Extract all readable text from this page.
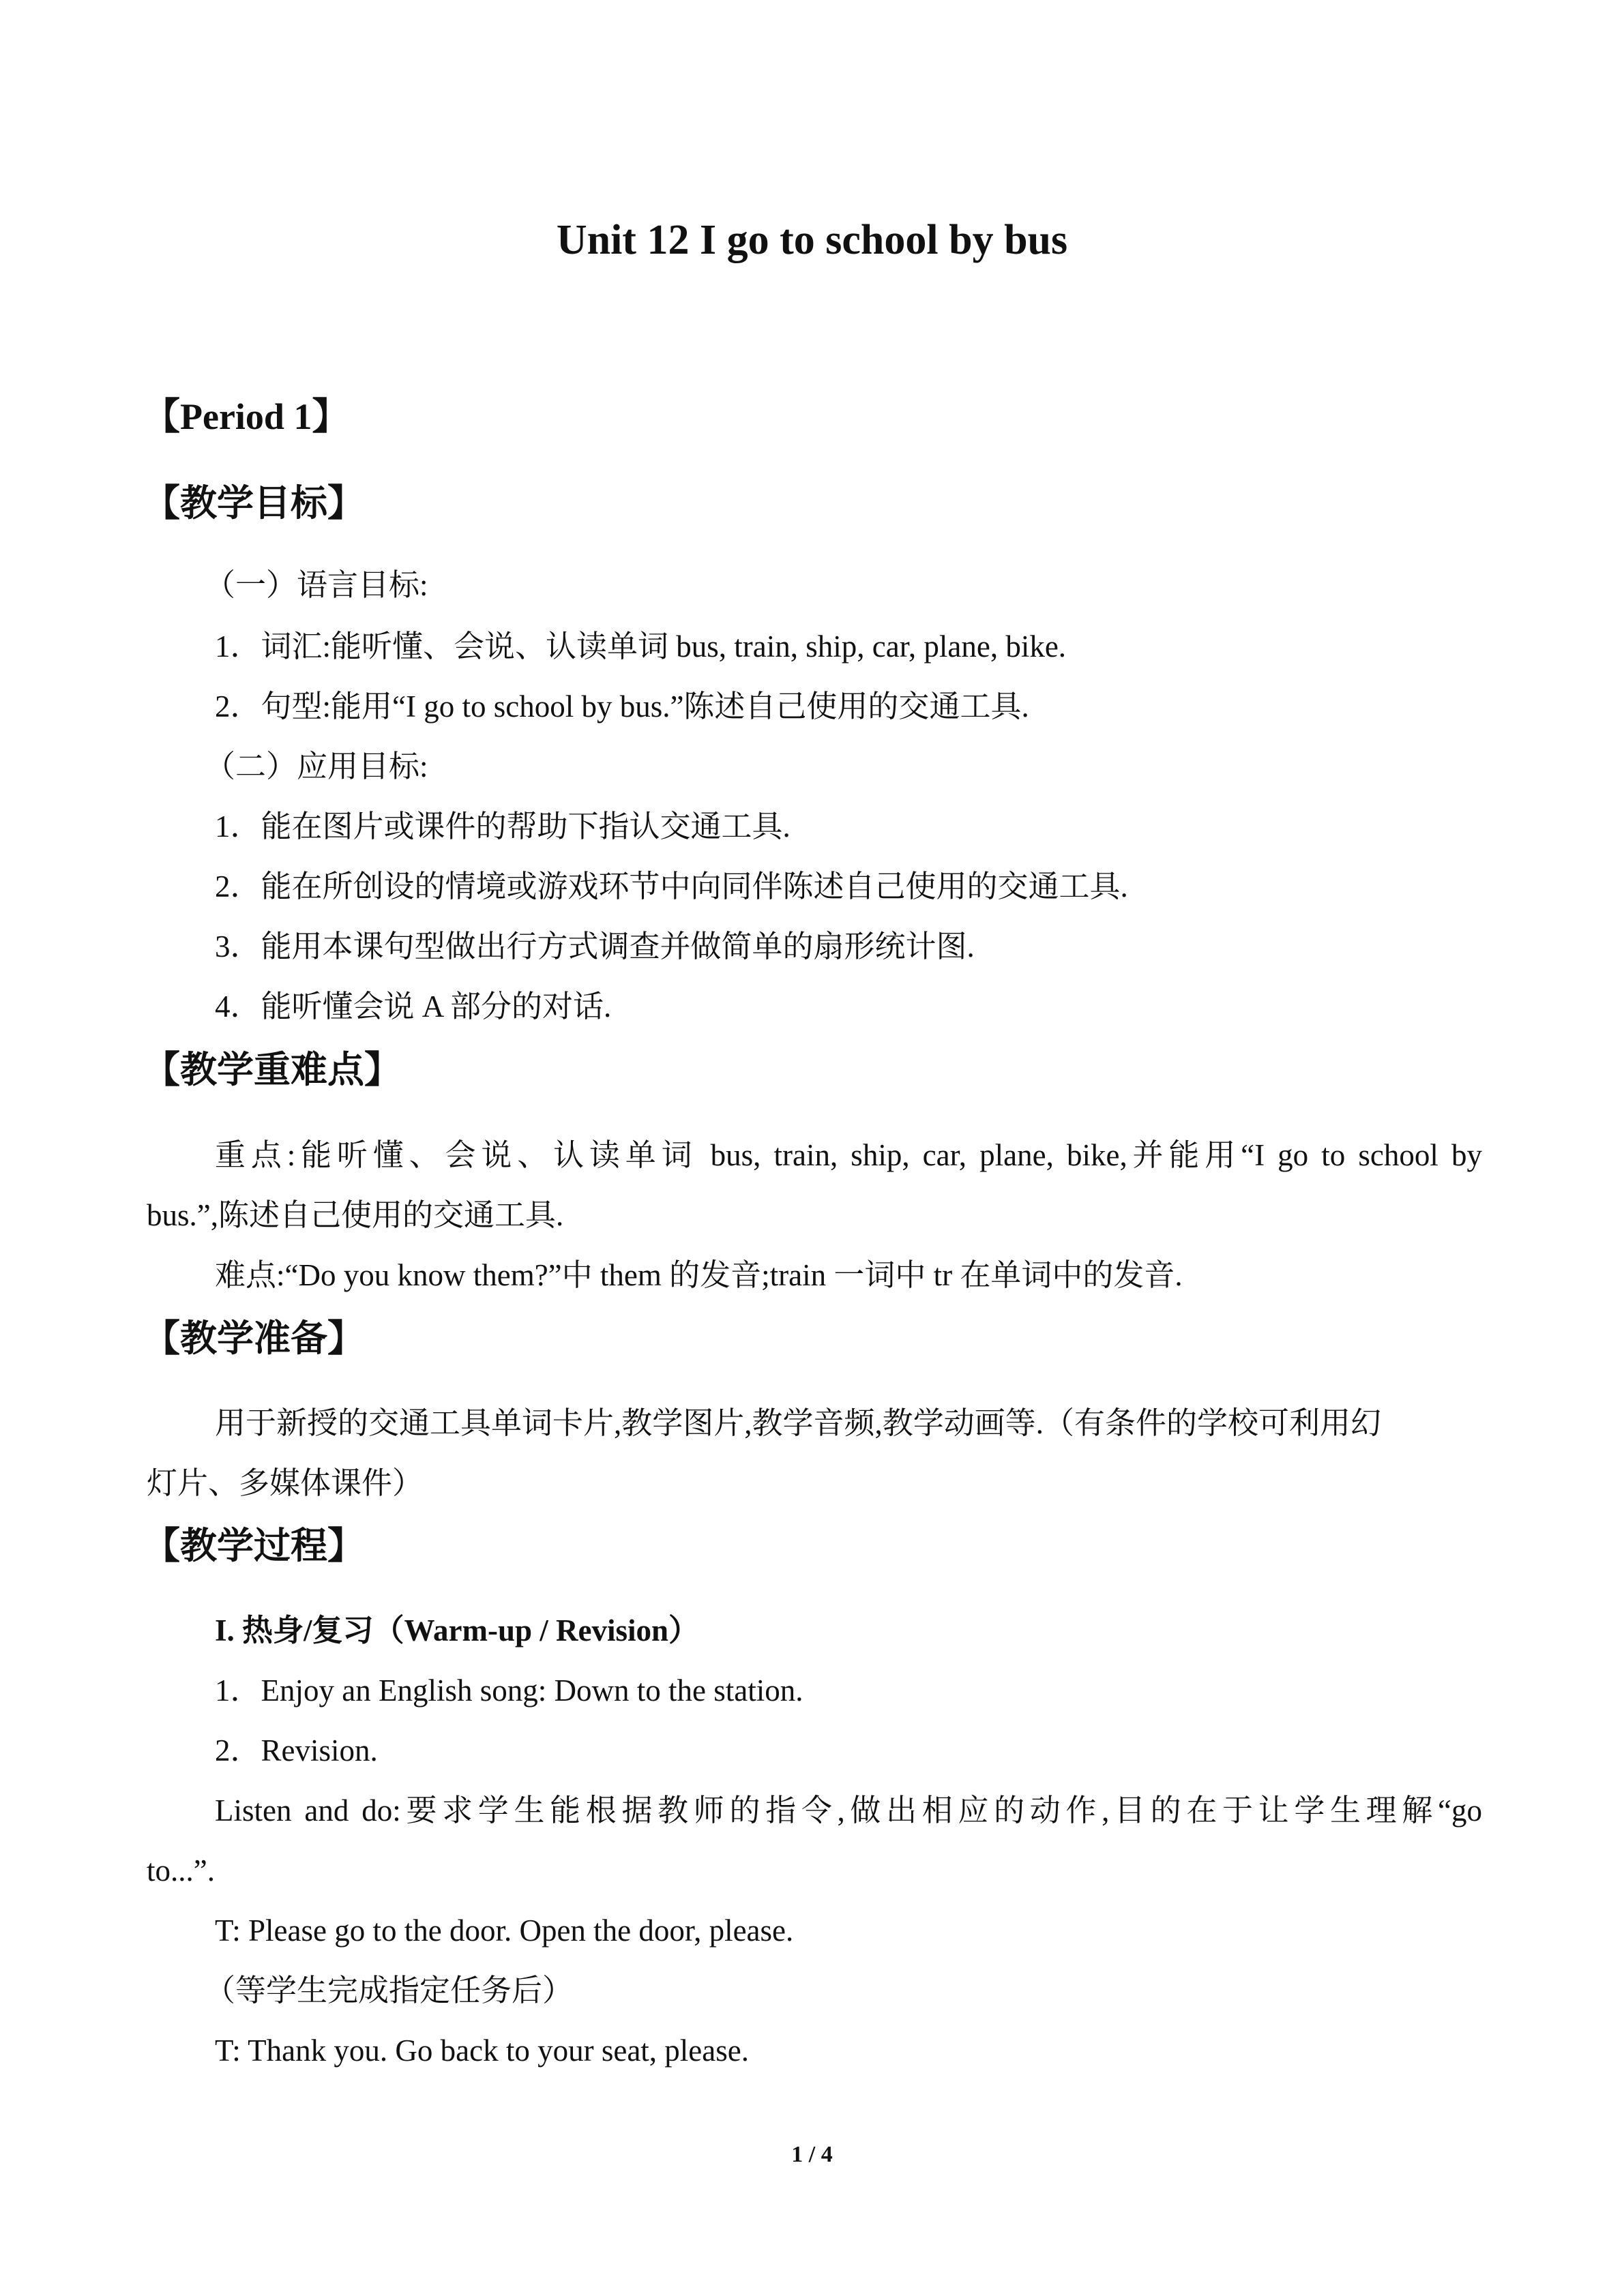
Unit 12 I go to school by bus
【Period 1】
【教学目标】
（一）语言目标:
1．词汇:能听懂、会说、认读单词 bus, train, ship, car, plane, bike.
2．句型:能用“I go to school by bus.”陈述自己使用的交通工具.
（二）应用目标:
1．能在图片或课件的帮助下指认交通工具.
2．能在所创设的情境或游戏环节中向同伴陈述自己使用的交通工具.
3．能用本课句型做出行方式调查并做简单的扇形统计图.
4．能听懂会说 A 部分的对话.
【教学重难点】
重点:能听懂、会说、认读单词 bus, train, ship, car, plane, bike,并能用“I go to school by
bus.”,陈述自己使用的交通工具.
难点:“Do you know them?”中 them 的发音;train 一词中 tr 在单词中的发音.
【教学准备】
用于新授的交通工具单词卡片,教学图片,教学音频,教学动画等.（有条件的学校可利用幻
灯片、多媒体课件）
【教学过程】
I. 热身/复习（Warm-up / Revision）
1．Enjoy an English song: Down to the station.
2．Revision.
Listen and do:要求学生能根据教师的指令,做出相应的动作,目的在于让学生理解“go
to...”.
T: Please go to the door. Open the door, please.
（等学生完成指定任务后）
T: Thank you. Go back to your seat, please.
1 / 4
